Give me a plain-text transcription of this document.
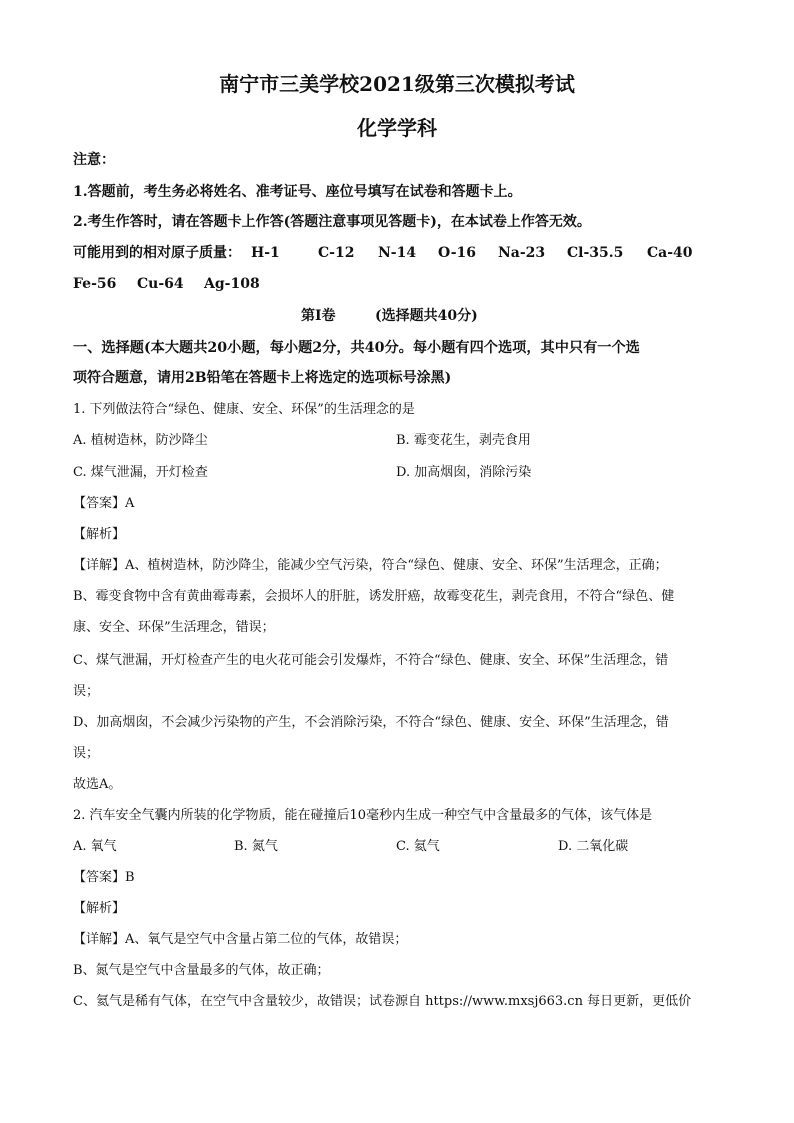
南宁市三美学校2021级第三次模拟考试
化学学科
注意：
1.答题前，考生务必将姓名、准考证号、座位号填写在试卷和答题卡上。
2.考生作答时，请在答题卡上作答(答题注意事项见答题卡)，在本试卷上作答无效。
可能用到的相对原子质量： H-1	C-12 N-14 O-16 Na-23 Cl-35.5 Ca-40
Fe-56 Cu-64 Ag-108
第Ⅰ卷	(选择题共40分)
一、选择题(本大题共20小题，每小题2分，共40分。每小题有四个选项，其中只有一个选
项符合题意，请用2B铅笔在答题卡上将选定的选项标号涂黑)
1. 下列做法符合“绿色、健康、安全、环保”的生活理念的是
A. 植树造林，防沙降尘	B. 霉变花生，剥壳食用
C. 煤气泄漏，开灯检查	D. 加高烟囱，消除污染
【答案】A
【解析】
【详解】A、植树造林，防沙降尘，能减少空气污染，符合“绿色、健康、安全、环保”生活理念，正确；
B、霉变食物中含有黄曲霉毒素，会损坏人的肝脏，诱发肝癌，故霉变花生，剥壳食用，不符合“绿色、健
康、安全、环保”生活理念，错误；
C、煤气泄漏，开灯检查产生的电火花可能会引发爆炸，不符合“绿色、健康、安全、环保”生活理念，错
误；
D、加高烟囱，不会减少污染物的产生，不会消除污染，不符合“绿色、健康、安全、环保”生活理念，错
误；
故选A。
2. 汽车安全气囊内所装的化学物质，能在碰撞后10毫秒内生成一种空气中含量最多的气体，该气体是
A. 氧气	B. 氮气	C. 氦气	D. 二氧化碳
【答案】B
【解析】
【详解】A、氧气是空气中含量占第二位的气体，故错误；
B、氮气是空气中含量最多的气体，故正确；
C、氦气是稀有气体，在空气中含量较少，故错误；试卷源自 https://www.mxsj663.cn 每日更新，更低价
